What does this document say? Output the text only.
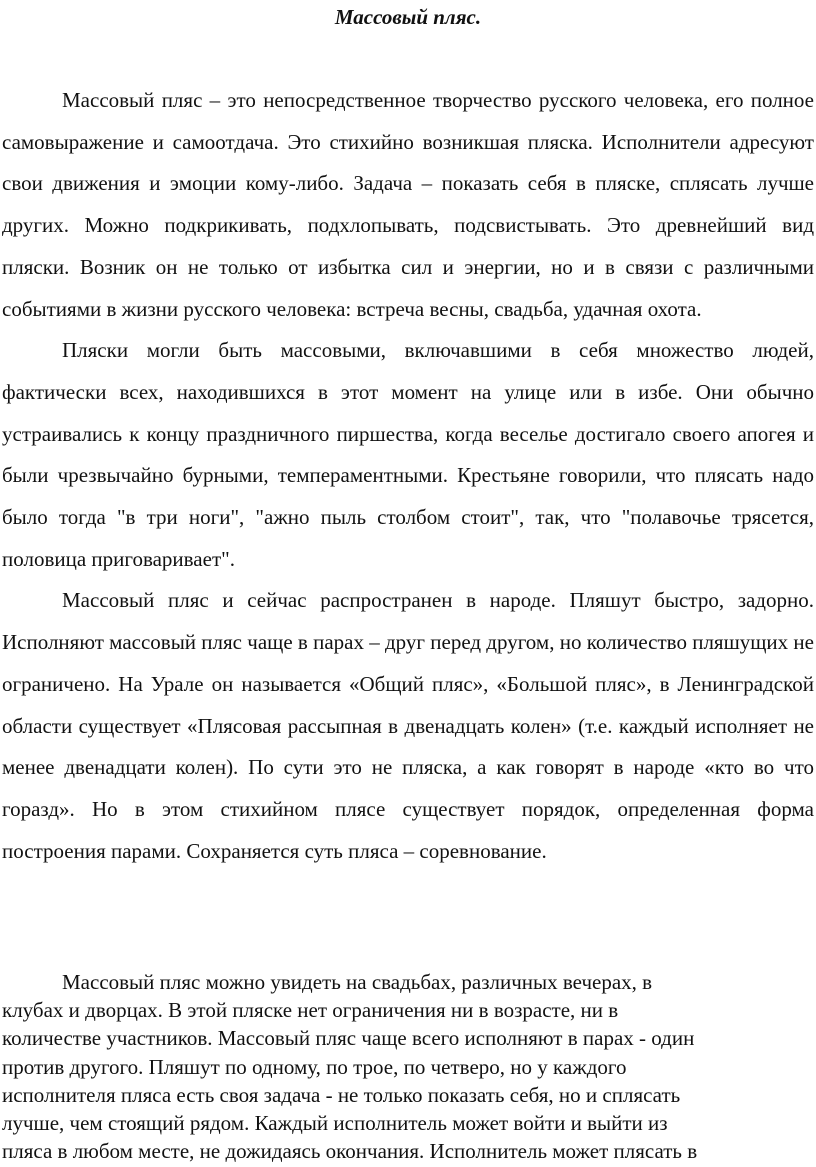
Массовый пляс.

Массовый пляс – это непосредственное творчество русского человека, его полное самовыражение и самоотдача. Это стихийно возникшая пляска. Исполнители адресуют свои движения и эмоции кому-либо. Задача – показать себя в пляске, сплясать лучше других. Можно подкрикивать, подхлопывать, подсвистывать. Это древнейший вид пляски. Возник он не только от избытка сил и энергии, но и в связи с различными событиями в жизни русского человека: встреча весны, свадьба, удачная охота.

Пляски могли быть массовыми, включавшими в себя множество людей, фактически всех, находившихся в этот момент на улице или в избе. Они обычно устраивались к концу праздничного пиршества, когда веселье достигало своего апогея и были чрезвычайно бурными, темпераментными. Крестьяне говорили, что плясать надо было тогда "в три ноги", "ажно пыль столбом стоит", так, что "полавочье трясется, половица приговаривает".

Массовый пляс и сейчас распространен в народе. Пляшут быстро, задорно. Исполняют массовый пляс чаще в парах – друг перед другом, но количество пляшущих не ограничено. На Урале он называется «Общий пляс», «Большой пляс», в Ленинградской области существует «Плясовая рассыпная в двенадцать колен» (т.е. каждый исполняет не менее двенадцати колен). По сути это не пляска, а как говорят в народе «кто во что горазд». Но в этом стихийном плясе существует порядок, определенная форма построения парами. Сохраняется суть пляса – соревнование.

Массовый пляс можно увидеть на свадьбах, различных вечерах, в
клубах и дворцах. В этой пляске нет ограничения ни в возрасте, ни в
количестве участников. Массовый пляс чаще всего исполняют в парах - один
против другого. Пляшут по одному, по трое, по четверо, но у каждого
исполнителя пляса есть своя задача - не только показать себя, но и сплясать
лучше, чем стоящий рядом. Каждый исполнитель может войти и выйти из
пляса в любом месте, не дожидаясь окончания. Исполнитель может плясать в
